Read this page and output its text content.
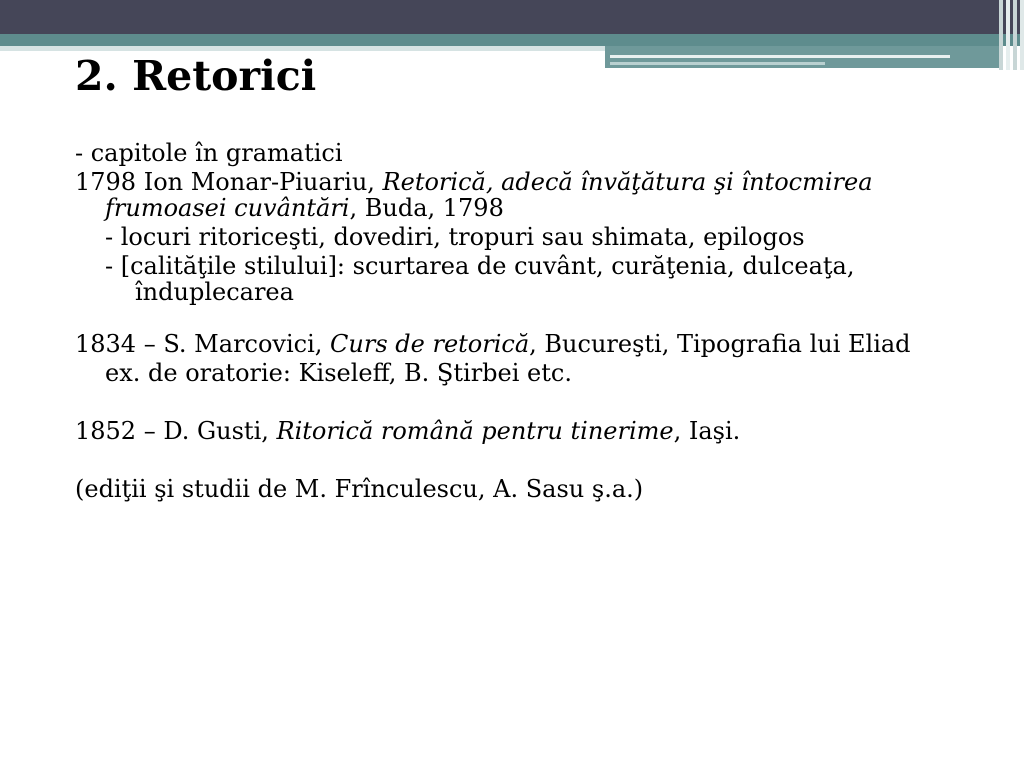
2. Retorici

- capitole în gramatici

1798 Ion Monar-Piuariu, Retorică, adecă învăţătura şi întocmirea frumoasei cuvântări, Buda, 1798

- locuri ritoriceşti, dovediri, tropuri sau shimata, epilogos

- [calităţile stilului]: scurtarea de cuvânt, curăţenia, dulceaţa, înduplecarea

1834 – S. Marcovici, Curs de retorică, Bucureşti, Tipografia lui Eliad

ex. de oratorie: Kiseleff, B. Ştirbei etc.

1852 – D. Gusti, Ritorică română pentru tinerime, Iaşi.

(ediţii şi studii de M. Frînculescu, A. Sasu ş.a.)
